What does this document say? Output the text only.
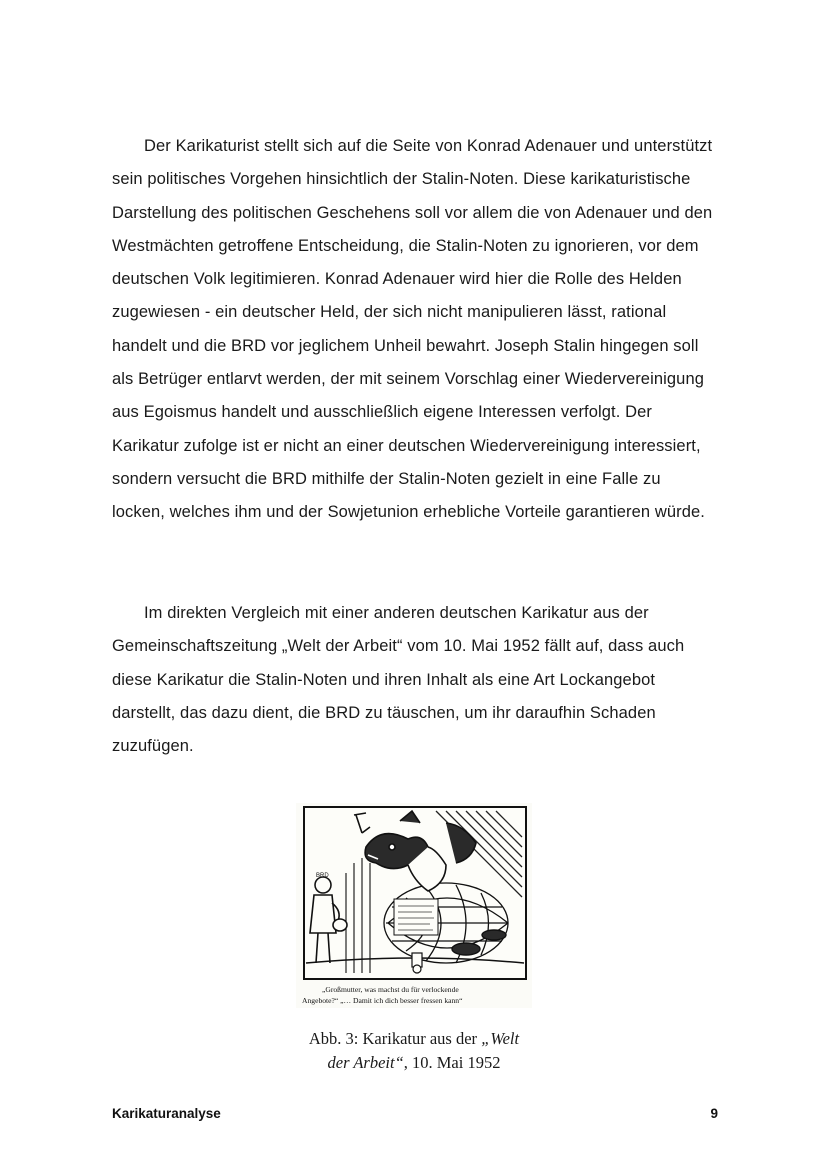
Der Karikaturist stellt sich auf die Seite von Konrad Adenauer und unterstützt sein politisches Vorgehen hinsichtlich der Stalin-Noten. Diese karikaturistische Darstellung des politischen Geschehens soll vor allem die von Adenauer und den Westmächten getroffene Entscheidung, die Stalin-Noten zu ignorieren, vor dem deutschen Volk legitimieren. Konrad Adenauer wird hier die Rolle des Helden zugewiesen - ein deutscher Held, der sich nicht manipulieren lässt, rational handelt und die BRD vor jeglichem Unheil bewahrt. Joseph Stalin hingegen soll als Betrüger entlarvt werden, der mit seinem Vorschlag einer Wiedervereinigung aus Egoismus handelt und ausschließlich eigene Interessen verfolgt. Der Karikatur zufolge ist er nicht an einer deutschen Wiedervereinigung interessiert, sondern versucht die BRD mithilfe der Stalin-Noten gezielt in eine Falle zu locken, welches ihm und der Sowjetunion erhebliche Vorteile garantieren würde.

Im direkten Vergleich mit einer anderen deutschen Karikatur aus der Gemeinschaftszeitung „Welt der Arbeit“ vom 10. Mai 1952 fällt auf, dass auch diese Karikatur die Stalin-Noten und ihren Inhalt als eine Art Lockangebot darstellt, das dazu dient, die BRD zu täuschen, um ihr daraufhin Schaden zuzufügen.

BRD
„Großmutter, was machst du für verlockende
Angebote?“ „… Damit ich dich besser fressen kann“
Abb. 3: Karikatur aus der „Welt
der Arbeit“, 10. Mai 1952
Karikaturanalyse	9
